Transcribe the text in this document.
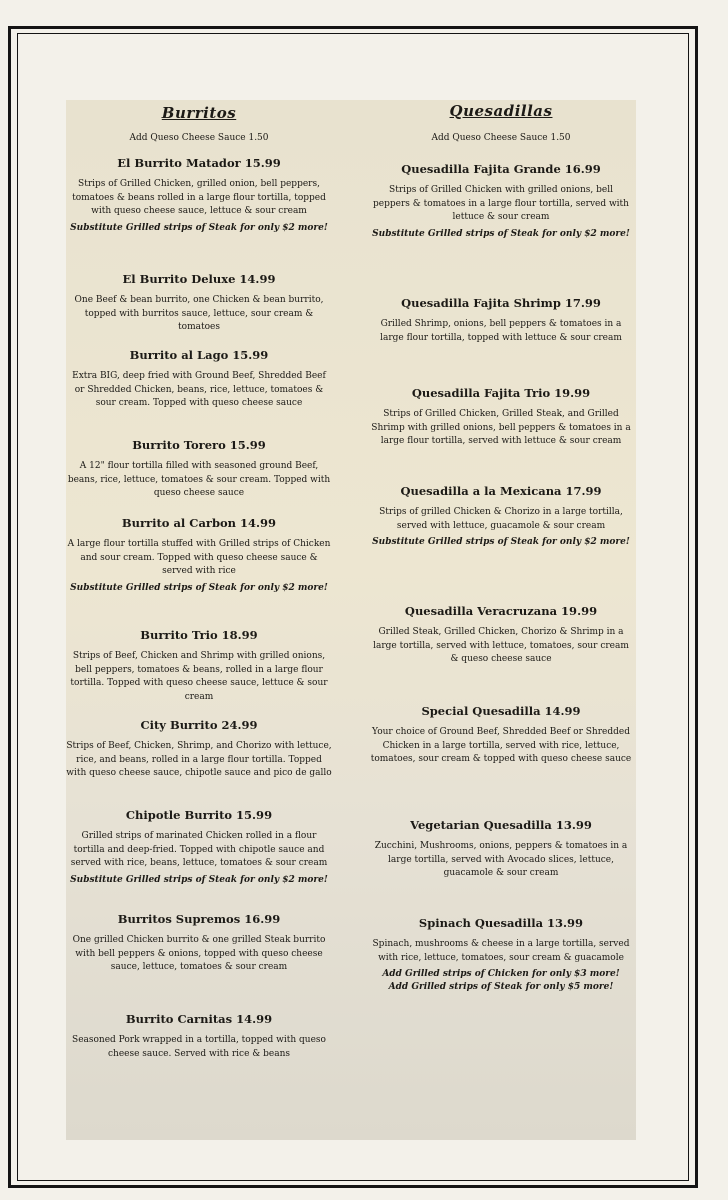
Burritos
Add Queso Cheese Sauce 1.50
El Burrito Matador 15.99

Strips of Grilled Chicken, grilled onion, bell peppers, tomatoes & beans rolled in a large flour tortilla, topped with queso cheese sauce, lettuce & sour cream

Substitute Grilled strips of Steak for only $2 more!

El Burrito Deluxe 14.99

One Beef & bean burrito, one Chicken & bean burrito, topped with burritos sauce, lettuce, sour cream & tomatoes

Burrito al Lago 15.99

Extra BIG, deep fried with Ground Beef, Shredded Beef or Shredded Chicken, beans, rice, lettuce, tomatoes & sour cream. Topped with queso cheese sauce

Burrito Torero 15.99

A 12" flour tortilla filled with seasoned ground Beef, beans, rice, lettuce, tomatoes & sour cream. Topped with queso cheese sauce

Burrito al Carbon 14.99

A large flour tortilla stuffed with Grilled strips of Chicken and sour cream. Topped with queso cheese sauce & served with rice

Substitute Grilled strips of Steak for only $2 more!

Burrito Trio 18.99

Strips of Beef, Chicken and Shrimp with grilled onions, bell peppers, tomatoes & beans, rolled in a large flour tortilla. Topped with queso cheese sauce, lettuce & sour cream

City Burrito 24.99

Strips of Beef, Chicken, Shrimp, and Chorizo with lettuce, rice, and beans, rolled in a large flour tortilla. Topped with queso cheese sauce, chipotle sauce and pico de gallo

Chipotle Burrito 15.99

Grilled strips of marinated Chicken rolled in a flour tortilla and deep-fried. Topped with chipotle sauce and served with rice, beans, lettuce, tomatoes & sour cream

Substitute Grilled strips of Steak for only $2 more!

Burritos Supremos 16.99

One grilled Chicken burrito & one grilled Steak burrito with bell peppers & onions, topped with queso cheese sauce, lettuce, tomatoes & sour cream

Burrito Carnitas 14.99

Seasoned Pork wrapped in a tortilla, topped with queso cheese sauce. Served with rice & beans

Quesadillas
Add Queso Cheese Sauce 1.50
Quesadilla Fajita Grande 16.99

Strips of Grilled Chicken with grilled onions, bell peppers & tomatoes in a large flour tortilla, served with lettuce & sour cream

Substitute Grilled strips of Steak for only $2 more!

Quesadilla Fajita Shrimp 17.99

Grilled Shrimp, onions, bell peppers & tomatoes in a large flour tortilla, topped with lettuce & sour cream

Quesadilla Fajita Trio 19.99

Strips of Grilled Chicken, Grilled Steak, and Grilled Shrimp with grilled onions, bell peppers & tomatoes in a large flour tortilla, served with lettuce & sour cream

Quesadilla a la Mexicana 17.99

Strips of grilled Chicken & Chorizo in a large tortilla, served with lettuce, guacamole & sour cream

Substitute Grilled strips of Steak for only $2 more!

Quesadilla Veracruzana 19.99

Grilled Steak, Grilled Chicken, Chorizo & Shrimp in a large tortilla, served with lettuce, tomatoes, sour cream & queso cheese sauce

Special Quesadilla 14.99

Your choice of Ground Beef, Shredded Beef or Shredded Chicken in a large tortilla, served with rice, lettuce, tomatoes, sour cream & topped with queso cheese sauce

Vegetarian Quesadilla 13.99

Zucchini, Mushrooms, onions, peppers & tomatoes in a large tortilla, served with Avocado slices, lettuce, guacamole & sour cream

Spinach Quesadilla 13.99

Spinach, mushrooms & cheese in a large tortilla, served with rice, lettuce, tomatoes, sour cream & guacamole

Add Grilled strips of Chicken for only $3 more!

Add Grilled strips of Steak for only $5 more!
